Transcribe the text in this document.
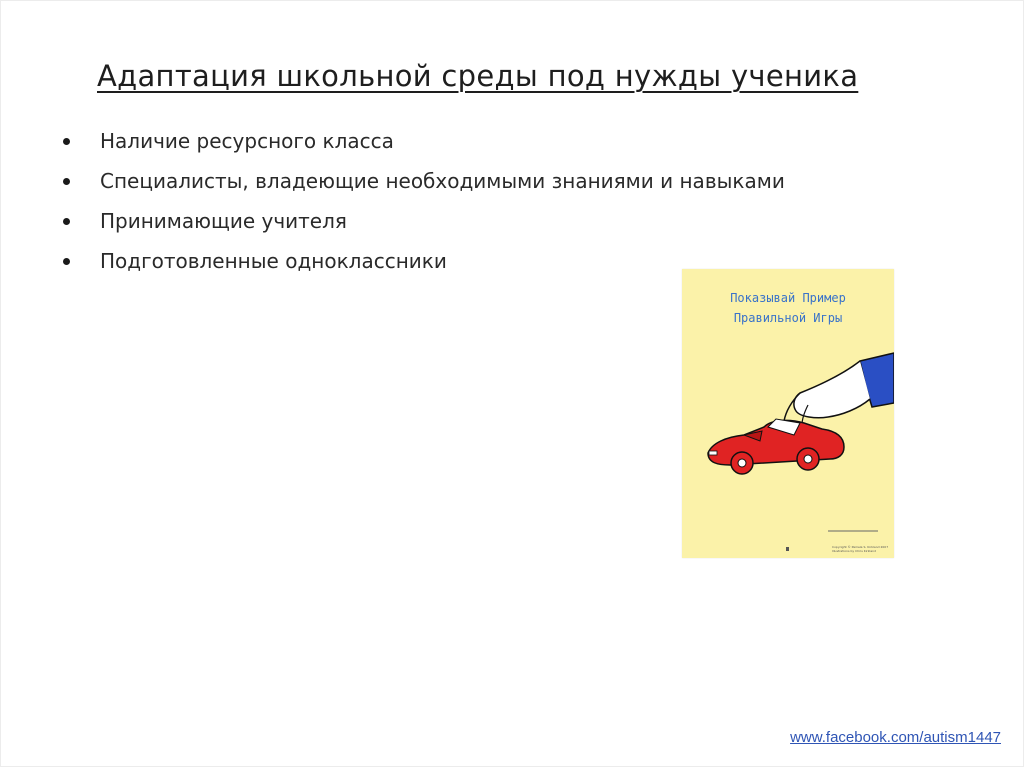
Адаптация школьной среды под нужды ученика
Наличие ресурсного класса
Специалисты, владеющие необходимыми знаниями и навыками
Принимающие учителя
Подготовленные одноклассники
Показывай Пример
Правильной Игры
Copyright © Pamela S. Kirkland 2007 Illustrations by Chris Kirkland
www.facebook.com/autism1447
